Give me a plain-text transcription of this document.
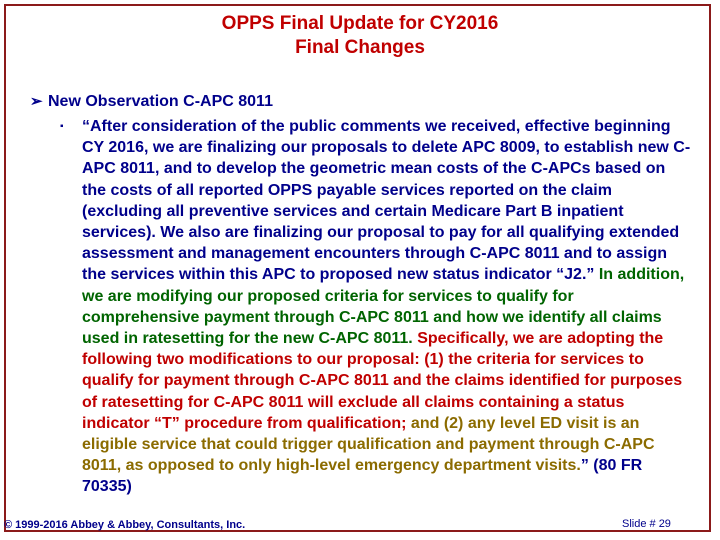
OPPS Final Update for CY2016
Final Changes
➢ New Observation C-APC 8011
▪	“After consideration of the public comments we received, effective beginning CY 2016, we are finalizing our proposals to delete APC 8009, to establish new C-APC 8011, and to develop the geometric mean costs of the C-APCs based on the costs of all reported OPPS payable services reported on the claim (excluding all preventive services and certain Medicare Part B inpatient services). We also are finalizing our proposal to pay for all qualifying extended assessment and management encounters through C-APC 8011 and to assign the services within this APC to proposed new status indicator “J2.” In addition, we are modifying our proposed criteria for services to qualify for comprehensive payment through C-APC 8011 and how we identify all claims used in ratesetting for the new C-APC 8011. Specifically, we are adopting the following two modifications to our proposal: (1) the criteria for services to qualify for payment through C-APC 8011 and the claims identified for purposes of ratesetting for C-APC 8011 will exclude all claims containing a status indicator “T” procedure from qualification; and (2) any level ED visit is an eligible service that could trigger qualification and payment through C-APC 8011, as opposed to only high-level emergency department visits.” (80 FR 70335)
© 1999-2016 Abbey & Abbey, Consultants, Inc.	Slide # 29
